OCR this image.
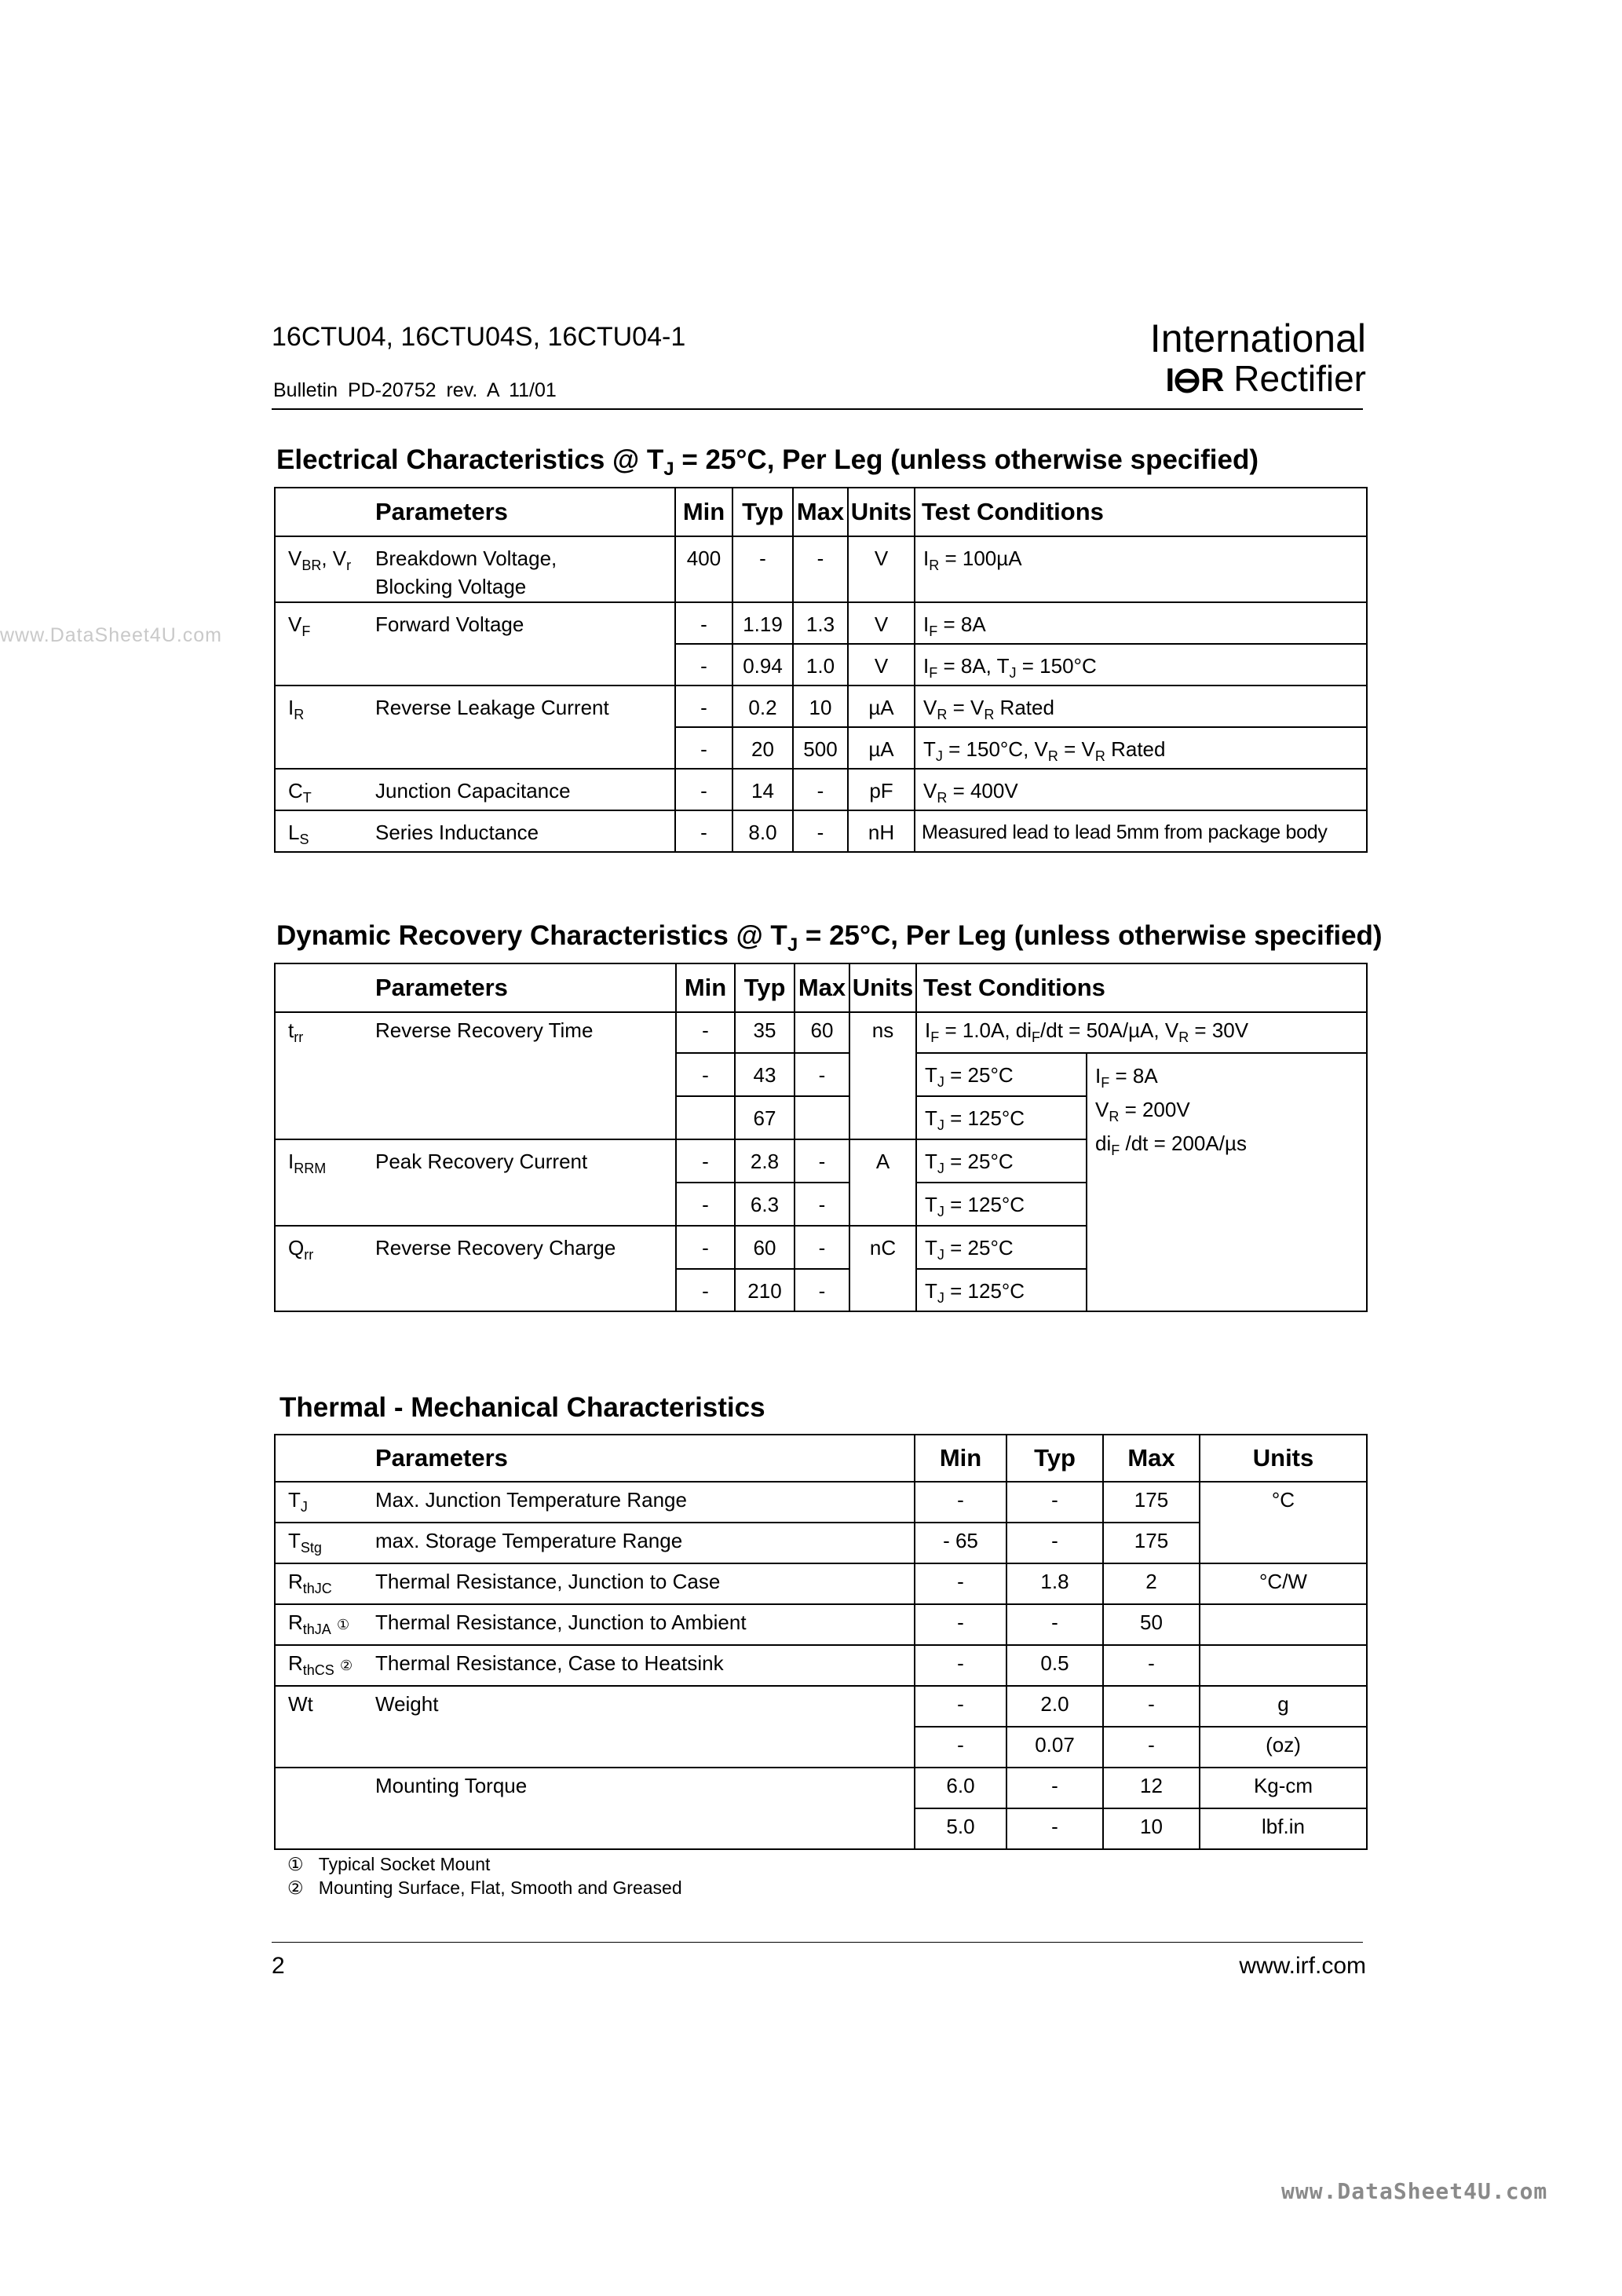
16CTU04, 16CTU04S, 16CTU04-1
Bulletin PD-20752 rev. A 11/01
International
I R Rectifier
www.DataSheet4U.com
Electrical Characteristics @ $T_J = 25^\circ C$, Per Leg (unless otherwise specified)
	Parameters	Min	Typ	Max	Units	Test Conditions

$V_{BR}$, $V_r$	Breakdown Voltage,
Blocking Voltage	400	-	-	V	$I_R = 100\mu A$

$V_F$	Forward Voltage	-	1.19	1.3	V	$I_F = 8A$

		-	0.94	1.0	V	$I_F = 8A$, $T_J = 150^\circ C$

$I_R$	Reverse Leakage Current	-	0.2	10	µA	$V_R = V_R$ Rated

		-	20	500	µA	$T_J = 150^\circ C$, $V_R = V_R$ Rated

$C_T$	Junction Capacitance	-	14	-	pF	$V_R = 400V$

$L_S$	Series Inductance	-	8.0	-	nH	Measured lead to lead 5mm from package body
Dynamic Recovery Characteristics @ $T_J = 25^\circ C$, Per Leg (unless otherwise specified)
	Parameters	Min	Typ	Max	Units	Test Conditions	

$t_{rr}$	Reverse Recovery Time	-	35	60	ns	$I_F = 1.0A$, $di_F/dt = 50A/\mu A$, $V_R = 30V$	

		-	43	-		$T_J = 25^\circ C$	$I_F = 8A$
$V_R = 200V$
$di_F$ /dt = 200A/µs

			67			$T_J = 125^\circ C$	

$I_{RRM}$	Peak Recovery Current	-	2.8	-	A	$T_J = 25^\circ C$	

		-	6.3	-		$T_J = 125^\circ C$	

$Q_{rr}$	Reverse Recovery Charge	-	60	-	nC	$T_J = 25^\circ C$	

		-	210	-		$T_J = 125^\circ C$	
Thermal - Mechanical Characteristics
	Parameters	Min	Typ	Max	Units

$T_J$	Max. Junction Temperature Range	-	-	175	°C

$T_{Stg}$	max. Storage Temperature Range	- 65	-	175	

$R_{thJC}$	Thermal Resistance, Junction to Case	-	1.8	2	°C/W

$R_{thJA}$ ①	Thermal Resistance, Junction to Ambient	-	-	50	

$R_{thCS}$ ②	Thermal Resistance, Case to Heatsink	-	0.5	-	

Wt	Weight	-	2.0	-	g

		-	0.07	-	(oz)

	Mounting Torque	6.0	-	12	Kg-cm

		5.0	-	10	lbf.in
① Typical Socket Mount
② Mounting Surface, Flat, Smooth and Greased
2	www.irf.com
www.DataSheet4U.com
